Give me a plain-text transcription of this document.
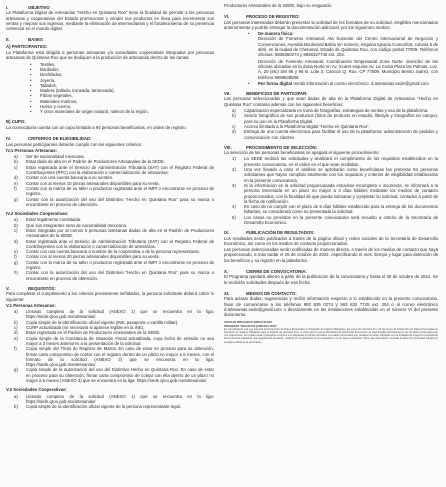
I.	OBJETIVO

La Plataforma Digital de Artesanías "Hecho en Quintana Roo" tiene la finalidad de permitir a las personas artesanas y cooperativas del Estado promocionar y vender sus productos en línea para incrementar sus ventas y mejorar sus ingresos, mediante la eliminación de intermediarios y el fortalecimiento de su presencia comercial en el mundo digital.

II.	BASES
A) PARTICIPANTES:

La Plataforma está dirigida a personas artesanas y/o sociedades cooperativas integradas por personas artesanas de Quintana Roo que se dediquen a la producción de artesanías dentro de las ramas:

• Textiles,
• Bordados,
• Deshilados,
• Joyería,
• Tallados,
• Madera (tallada, torneada, tarraceada),
• Fibras vegetales,
• Materiales marinos,
• Hueso y cuerno,
• Y otros materiales de origen natural, nativos de la región.
B) CUPO:

La convocatoria cuenta con un cupo limitado a 94 personas beneficiarias, en orden de registro.

IV.	CRITERIOS DE ELEGIBILIDAD:

Las personas participantes deberán cumplir con los siguientes criterios:

IV.1 Personas Artesanas:
a)	Ser de nacionalidad mexicana.
b)	Estar dada de alta en el Padrón de Productores Artesanales de la SEDE.
c)	Estar registrada ante el Servicio de Administración Tributaria (SAT) con el Registro Federal de Contribuyentes (RFC) con la elaboración o comercialización de artesanías.
d)	Contar con una cuenta bancaria a su nombre.
e)	Contar con al menos 10 piezas artesanales disponibles para su venta.
f)	Contar con la marca de su taller o productos registrada ante el IMPI o encontrarse en proceso de registro.
g)	Contar con la autorización del uso del Distintivo "Hecho en Quintana Roo" para su marca o encontrarse en proceso de obtención.
IV.2 Sociedades Cooperativas:
a)	Estar legalmente constituida.
b)	Que sus integrantes sean de nacionalidad mexicana.
c)	Estar integrada por al menos 5 personas artesanas dadas de alta en el Padrón de Productores Artesanales de la SEDE.
d)	Estar registrada ante el Servicio de Administración Tributaria (SAT) con el Registro Federal de Contribuyentes con la elaboración o comercialización de artesanías.
e)	Contar con una cuenta bancaria a nombre de la cooperativa o de la persona representante.
f)	Contar con al menos 20 piezas artesanales disponibles para su venta.
g)	Contar con la marca de su taller o productos registrada ante el IMPI o encontrarse en proceso de registro.
h)	Contar con la autorización del uso del Distintivo "Hecho en Quintana Roo" para su marca o encontrarse en proceso de obtención.
V.	REQUISITOS:

Para completar el cumplimiento a los criterios previamente señalados, la persona solicitante deberá cubrir lo siguiente:

V.1 Personas Artesanas:
a)	Llenado completo de la solicitud (ANEXO 1) que se encuentra en la liga: https://sede.qroo.gob.mx/artesanias/
b)	Copia simple de la identificación oficial vigente (INE, pasaporte o cartilla militar).
c)	CURP actualizada (no necesaria si aparece legible en la INE).
d)	Estar registrada en el Padrón de Productores Artesanales de la SEDE.
e)	Copia simple de la Constancia de Situación Fiscal actualizada, cuya fecha de emisión no sea mayor a 3 meses anteriores a la presentación de la solicitud.
f)	Copia simple del Título de Registro de Marca. En caso de estar en proceso para su obtención, firmar carta compromiso de contar con el registro dentro de un plazo no mayor a 6 meses, con el formato de la solicitud (ANEXO 2) que se encuentra en la liga: https://sede.qroo.gob.mx/artesanias/
g)	Copia simple de la autorización del uso del Distintivo Hecho en Quintana Roo. En caso de estar en proceso para su obtención, firmar carta compromiso de contar con ella dentro de un plazo no mayor a 6 meses (ANEXO 3) que se encuentra en la liga: https://sede.qroo.gob.mx/artesanias/
V.2 Sociedades Cooperativas:
a)	Llenado completo de la solicitud (ANEXO 1) que se encuentra en la liga: https://sede.qroo.gob.mx/artesanias/
b)	Copia simple de la identificación oficial vigente de la persona representante legal.

Productores Artesanales de la SEDE, bajo su resguardo.

VI.	PROCESO DE REGISTRO:

Las personas interesadas deberán presentar la solicitud de los formatos de su solicitud, elegibles mencionados anteriormente y podrán entregar la documentación adicional, por los siguientes medios:

• De manera física:

Dirección de Fomento Artesanal: Ala Suroeste del Centro Internacional de Negocios y Convenciones, Avenida Boulevard Bahía sin número, esquina Ignacio Comonfort, colonia 5 de abril, en la ciudad de Chetumal, Estado de Quintana Roo, con código postal 77009. Teléfonos oficinas: 9838350274 y 9838327745 ext. 204.

Dirección de Fomento Artesanal, Coordinación Empresarial Zona Norte: domicilio de las oficinas ubicadas en la Zona Norte en Av. Xcaret esquina Av. La Costa Plaza las Palmas, Loc. A, 20 (etc) SM 96 y 95 B. Lote 2, Cancún Q. Roo. CP 77509. Municipio Benito Juárez, con teléfono 9988839508.

• Por forma digital remitir información al correo electrónico: d.artesanias.sede@gmail.com
VII.	BENEFICIOS DE PARTICIPAR:

Las personas seleccionadas y que sean dadas de alta en la Plataforma Digital de Artesanías "Hecho en Quintana Roo" contarán además con los siguientes beneficios:

a)	Capacitación especializada en toma de fotografías, estrategias de ventas y uso de la plataforma.
b)	Sesión fotográfica de sus productos (fotos de producto en estudio, lifestyle y fotografías en campo), para su uso en la Plataforma Digital.
c)	Acceso ilimitado a la Plataforma Digital "Hecho en Quintana Roo".
d)	Entrega de una cuenta electrónica para facilitar el uso de la plataforma: administración de pedidos y comunicación con clientes.
VIII.	PROCEDIMIENTO DE SELECCIÓN:

La selección de las personas beneficiarias se apegará el siguiente procedimiento:

1)	La SEDE recibirá las solicitudes y analizará el cumplimiento de los requisitos establecidos en la presente convocatoria, en el orden en el que sean recibidas.
2)	Una vez llevado a cabo el análisis se aprobarán como beneficiarias las primeras 94 personas solicitantes que hayan cumplido totalmente con los requisitos y criterios de elegibilidad establecidos en la presente convocatoria.
3)	Si la información en la solicitud proporcionada estuviese incompleta o incorrecta, se informará a la persona interesada en un plazo no mayor a 3 días hábiles mediante los medios de contacto proporcionados, con la finalidad de que pueda subsanar y completar su solicitud, contados a partir de la fecha de notificación.
4)	En caso de no cumplir con el plazo de 5 días hábiles establecido para la entrega de los documentos faltantes, se considerará como no presentada la solicitud.
5)	Los casos no previstos en la presente convocatoria será resuelto a criterio de la Secretaría de Desarrollo Económico.
IX.	PUBLICACIÓN DE RESULTADOS:

Los resultados serán publicados a través de la página oficial y redes sociales de la Secretaría de Desarrollo Económico, así como en los medios de contacto proporcionados.

Las personas seleccionadas serán notificadas de manera directa, a través de los medios de contacto que haya proporcionado, a más tardar el 25 de octubre de 2024, especificando el mes, tiempo y lugar para detención de los beneficios y su registro en la plataforma.

X.	CIERRE DE CONVOCATORIA:

El Programa quedará abierto a partir de la publicación de la convocatoria y hasta el 30 de octubre de 2024. Se le recibirán solicitudes después de esa fecha.

XI.	MEDIOS DE CONTACTO:

Para aclarar dudas, sugerencias y recibir información respecto a lo establecido en la presente convocatoria, favor de comunicarse a los teléfonos 983 835 0274 y 983 832 7745 ext. 204 o al correo electrónico d.artesanias.sede@gmail.com o directamente en las instalaciones establecidas en el número VI del presente documento.

AVISO DE PRIVACIDAD SIMPLIFICADO
PROGRAMA "HECHO EN QUINTANA ROO"
En cumplimiento a la Ley General de Protección de Datos Personales en Posesión de Sujetos Obligados, así como los artículos 21 y 25 de la Ley de Protección de Datos Personales en Posesión de Sujetos Obligados para el Estado de Quintana Roo, le informamos que la Secretaría de Desarrollo Económico es responsable del tratamiento de los datos personales que nos proporcione, los cuales serán protegidos conforme a lo dispuesto en dicha normativa. Los datos personales que recabemos serán utilizados con la finalidad de integrar el expediente de la persona solicitante, dar seguimiento al trámite, verificar el cumplimiento de los requisitos y en su caso contactarle. Para más información consulte el aviso de privacidad integral en la página oficial de la Secretaría.
